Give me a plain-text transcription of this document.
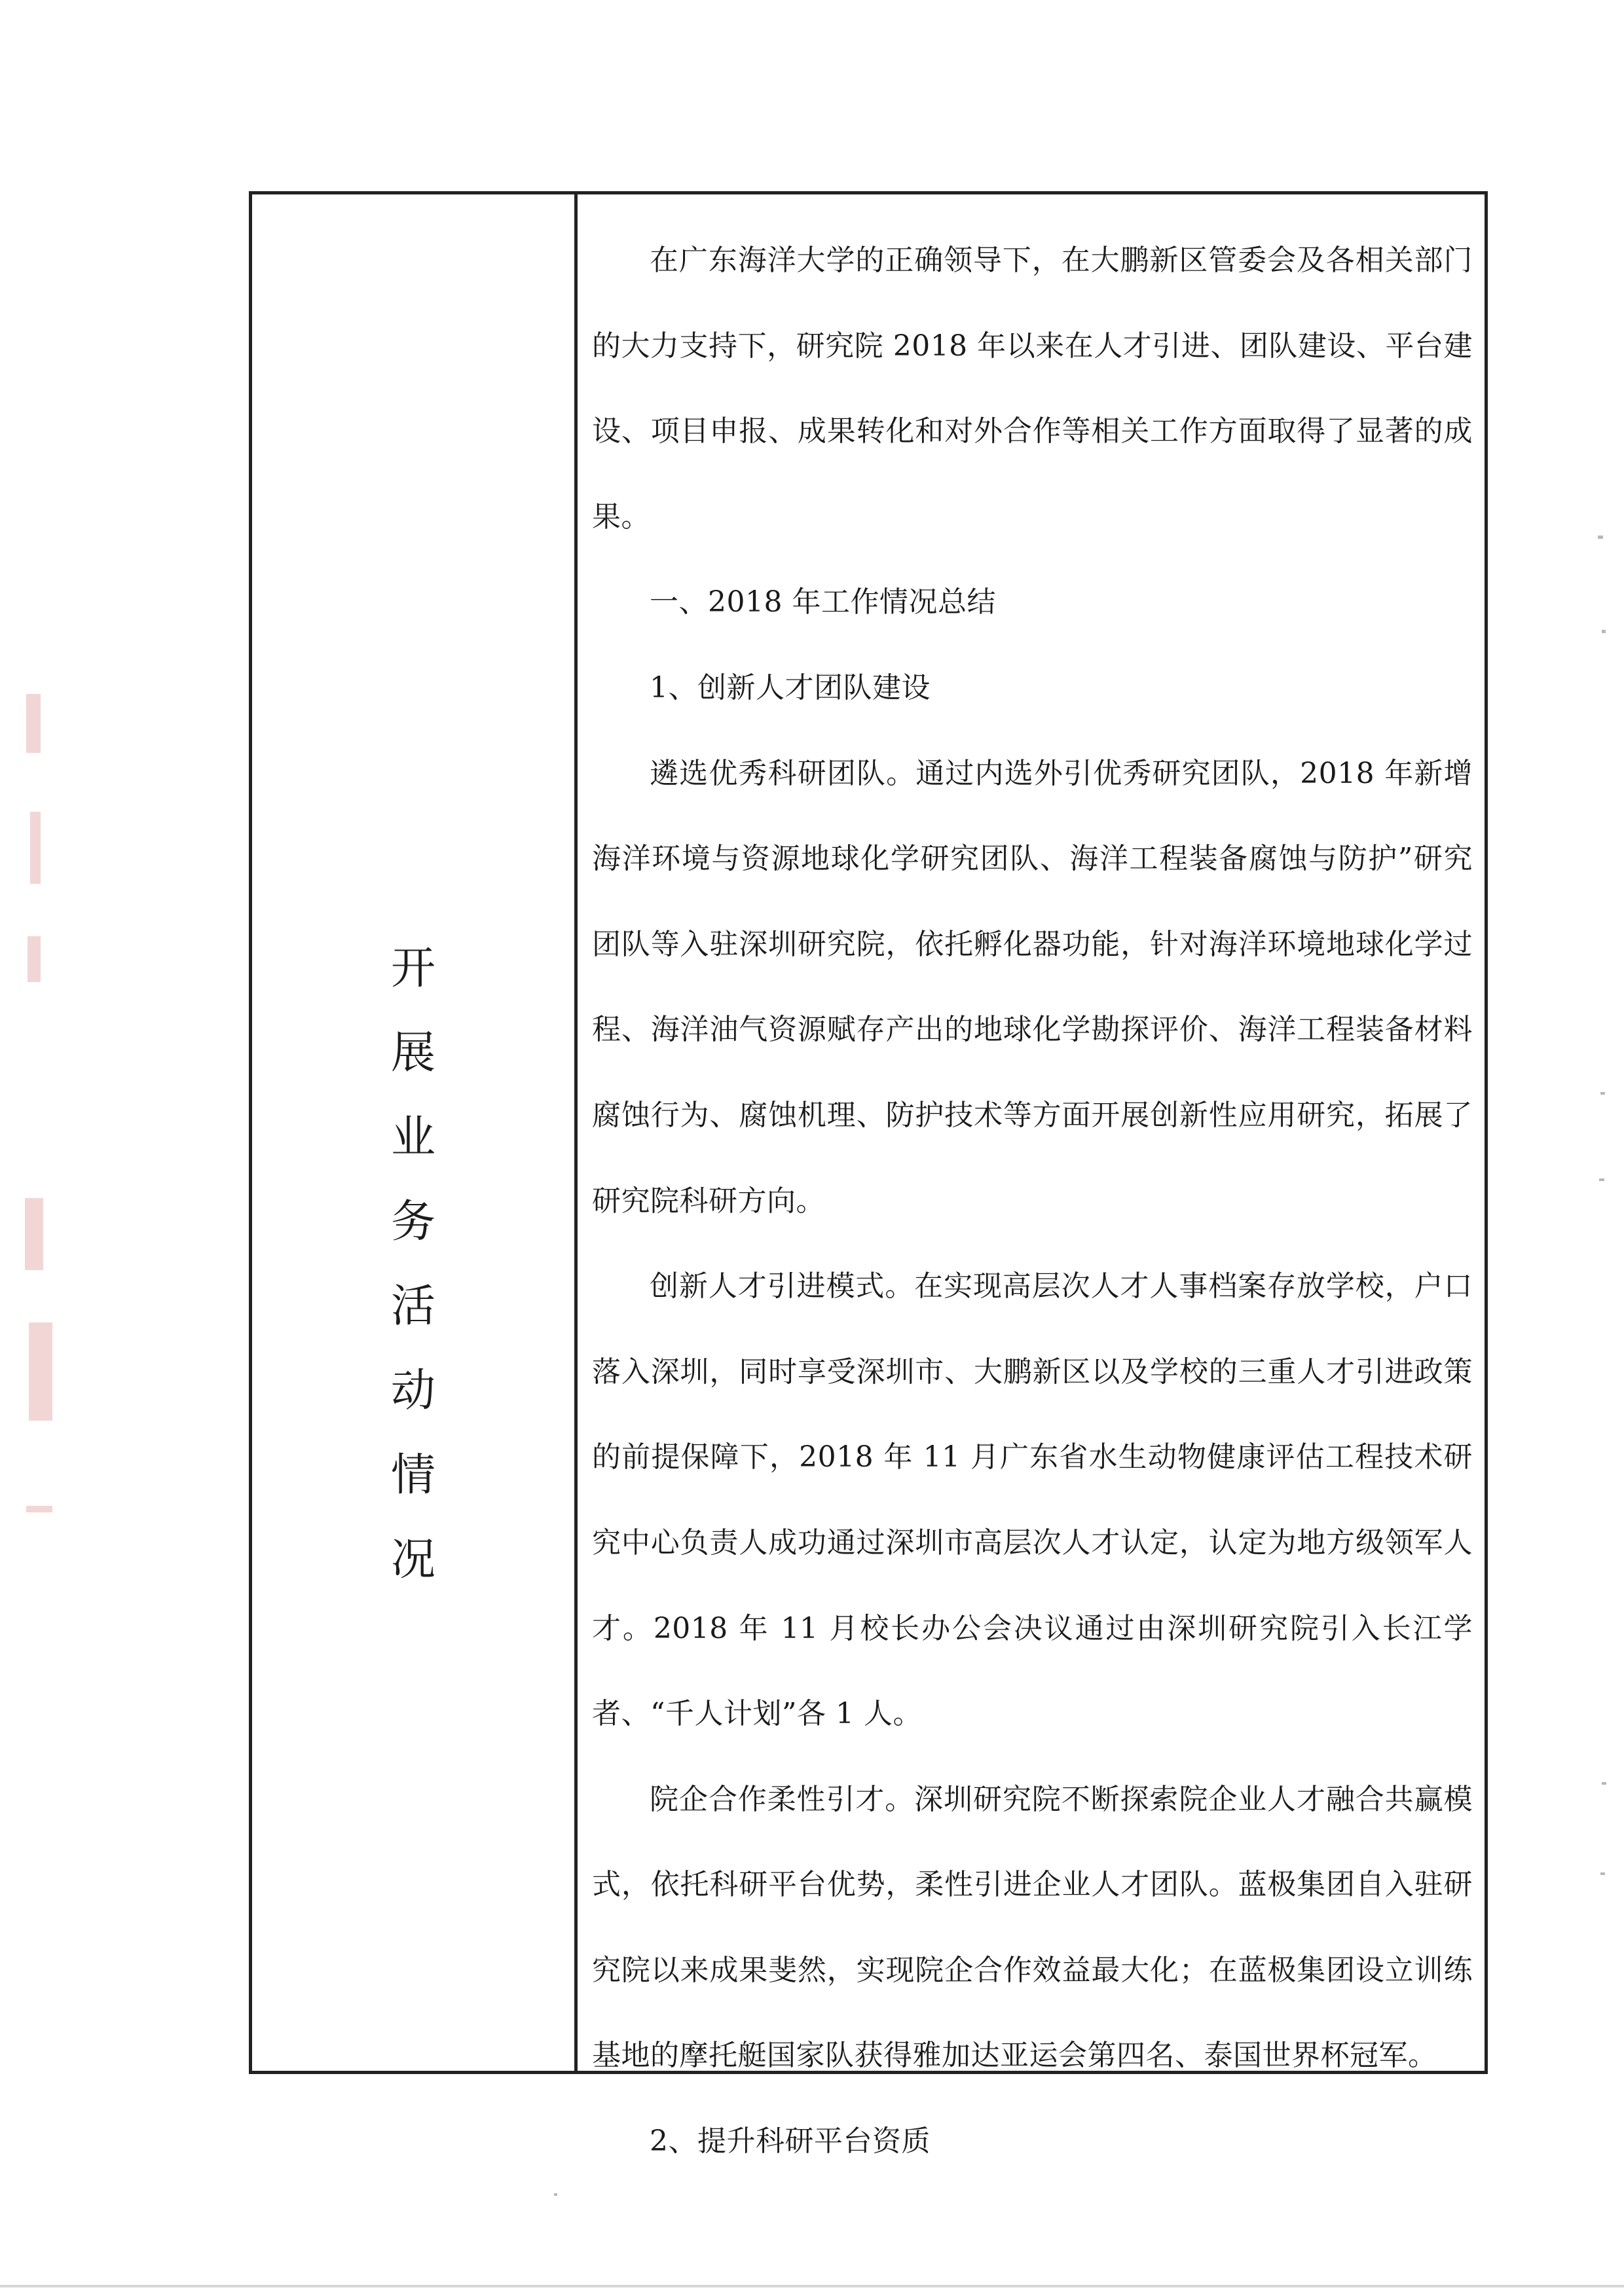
开
展
业
务
活
动
情
况

在广东海洋大学的正确领导下，在大鹏新区管委会及各相关部门的大力支持下，研究院 2018 年以来在人才引进、团队建设、平台建设、项目申报、成果转化和对外合作等相关工作方面取得了显著的成果。

一、2018 年工作情况总结

1、创新人才团队建设

遴选优秀科研团队。通过内选外引优秀研究团队，2018 年新增海洋环境与资源地球化学研究团队、海洋工程装备腐蚀与防护”研究团队等入驻深圳研究院，依托孵化器功能，针对海洋环境地球化学过程、海洋油气资源赋存产出的地球化学勘探评价、海洋工程装备材料腐蚀行为、腐蚀机理、防护技术等方面开展创新性应用研究，拓展了研究院科研方向。

创新人才引进模式。在实现高层次人才人事档案存放学校，户口落入深圳，同时享受深圳市、大鹏新区以及学校的三重人才引进政策的前提保障下，2018 年 11 月广东省水生动物健康评估工程技术研究中心负责人成功通过深圳市高层次人才认定，认定为地方级领军人才。2018 年 11 月校长办公会决议通过由深圳研究院引入长江学者、“千人计划”各 1 人。

院企合作柔性引才。深圳研究院不断探索院企业人才融合共赢模式，依托科研平台优势，柔性引进企业人才团队。蓝极集团自入驻研究院以来成果斐然，实现院企合作效益最大化；在蓝极集团设立训练基地的摩托艇国家队获得雅加达亚运会第四名、泰国世界杯冠军。

2、提升科研平台资质
